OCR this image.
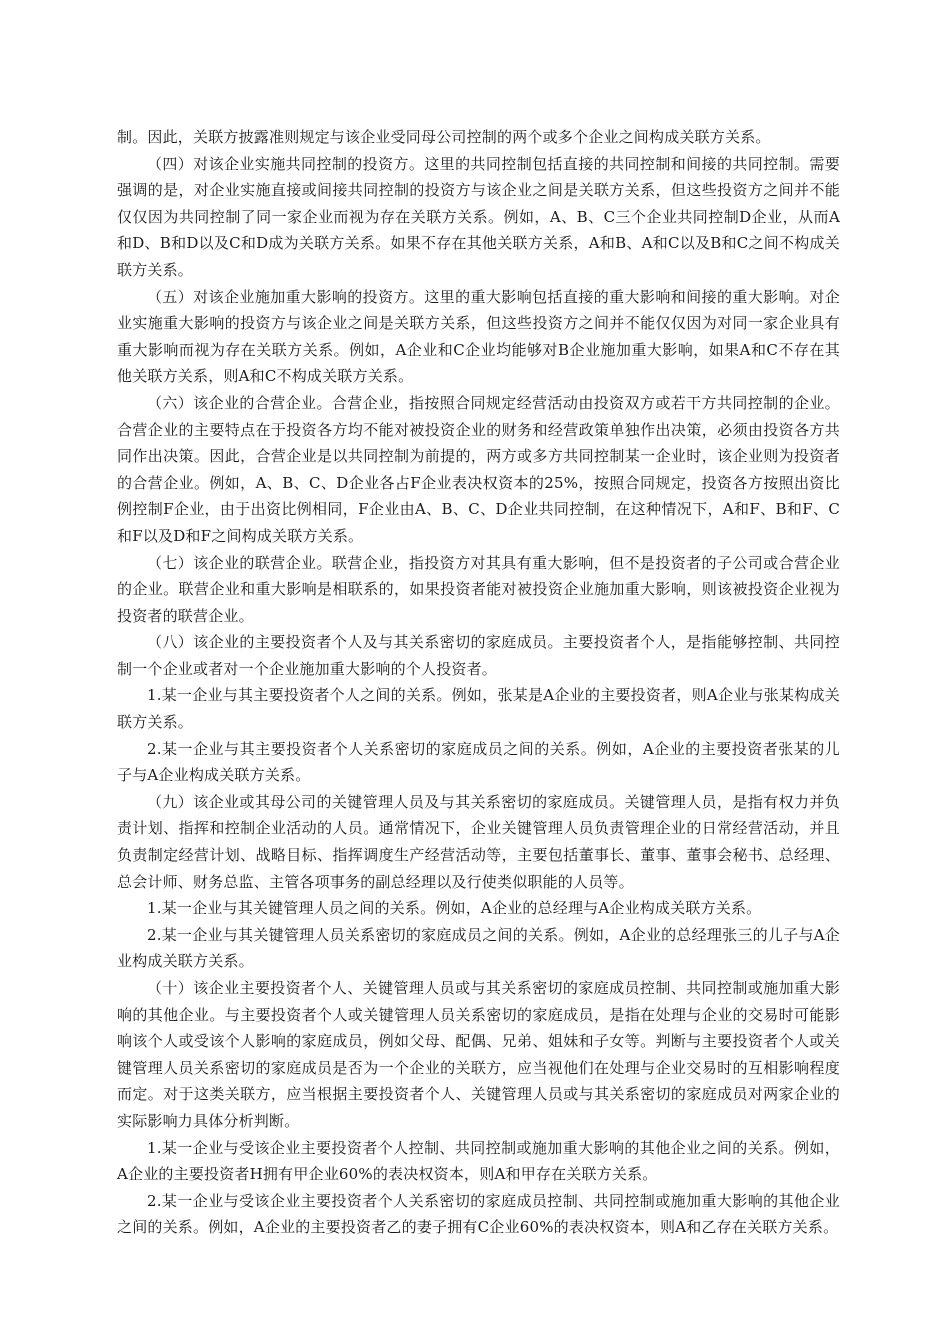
制。因此，关联方披露准则规定与该企业受同母公司控制的两个或多个企业之间构成关联方关系。

（四）对该企业实施共同控制的投资方。这里的共同控制包括直接的共同控制和间接的共同控制。需要强调的是，对企业实施直接或间接共同控制的投资方与该企业之间是关联方关系，但这些投资方之间并不能仅仅因为共同控制了同一家企业而视为存在关联方关系。例如，A、B、C三个企业共同控制D企业，从而A和D、B和D以及C和D成为关联方关系。如果不存在其他关联方关系，A和B、A和C以及B和C之间不构成关联方关系。

（五）对该企业施加重大影响的投资方。这里的重大影响包括直接的重大影响和间接的重大影响。对企业实施重大影响的投资方与该企业之间是关联方关系，但这些投资方之间并不能仅仅因为对同一家企业具有重大影响而视为存在关联方关系。例如，A企业和C企业均能够对B企业施加重大影响，如果A和C不存在其他关联方关系，则A和C不构成关联方关系。

（六）该企业的合营企业。合营企业，指按照合同规定经营活动由投资双方或若干方共同控制的企业。合营企业的主要特点在于投资各方均不能对被投资企业的财务和经营政策单独作出决策，必须由投资各方共同作出决策。因此，合营企业是以共同控制为前提的，两方或多方共同控制某一企业时，该企业则为投资者的合营企业。例如，A、B、C、D企业各占F企业表决权资本的25%，按照合同规定，投资各方按照出资比例控制F企业，由于出资比例相同，F企业由A、B、C、D企业共同控制，在这种情况下，A和F、B和F、C和F以及D和F之间构成关联方关系。

（七）该企业的联营企业。联营企业，指投资方对其具有重大影响，但不是投资者的子公司或合营企业的企业。联营企业和重大影响是相联系的，如果投资者能对被投资企业施加重大影响，则该被投资企业视为投资者的联营企业。

（八）该企业的主要投资者个人及与其关系密切的家庭成员。主要投资者个人，是指能够控制、共同控制一个企业或者对一个企业施加重大影响的个人投资者。

1.某一企业与其主要投资者个人之间的关系。例如，张某是A企业的主要投资者，则A企业与张某构成关联方关系。

2.某一企业与其主要投资者个人关系密切的家庭成员之间的关系。例如，A企业的主要投资者张某的儿子与A企业构成关联方关系。

（九）该企业或其母公司的关键管理人员及与其关系密切的家庭成员。关键管理人员，是指有权力并负责计划、指挥和控制企业活动的人员。通常情况下，企业关键管理人员负责管理企业的日常经营活动，并且负责制定经营计划、战略目标、指挥调度生产经营活动等，主要包括董事长、董事、董事会秘书、总经理、总会计师、财务总监、主管各项事务的副总经理以及行使类似职能的人员等。

1.某一企业与其关键管理人员之间的关系。例如，A企业的总经理与A企业构成关联方关系。

2.某一企业与其关键管理人员关系密切的家庭成员之间的关系。例如，A企业的总经理张三的儿子与A企业构成关联方关系。

（十）该企业主要投资者个人、关键管理人员或与其关系密切的家庭成员控制、共同控制或施加重大影响的其他企业。与主要投资者个人或关键管理人员关系密切的家庭成员，是指在处理与企业的交易时可能影响该个人或受该个人影响的家庭成员，例如父母、配偶、兄弟、姐妹和子女等。判断与主要投资者个人或关键管理人员关系密切的家庭成员是否为一个企业的关联方，应当视他们在处理与企业交易时的互相影响程度而定。对于这类关联方，应当根据主要投资者个人、关键管理人员或与其关系密切的家庭成员对两家企业的实际影响力具体分析判断。

1.某一企业与受该企业主要投资者个人控制、共同控制或施加重大影响的其他企业之间的关系。例如，A企业的主要投资者H拥有甲企业60%的表决权资本，则A和甲存在关联方关系。

2.某一企业与受该企业主要投资者个人关系密切的家庭成员控制、共同控制或施加重大影响的其他企业之间的关系。例如，A企业的主要投资者乙的妻子拥有C企业60%的表决权资本，则A和乙存在关联方关系。
